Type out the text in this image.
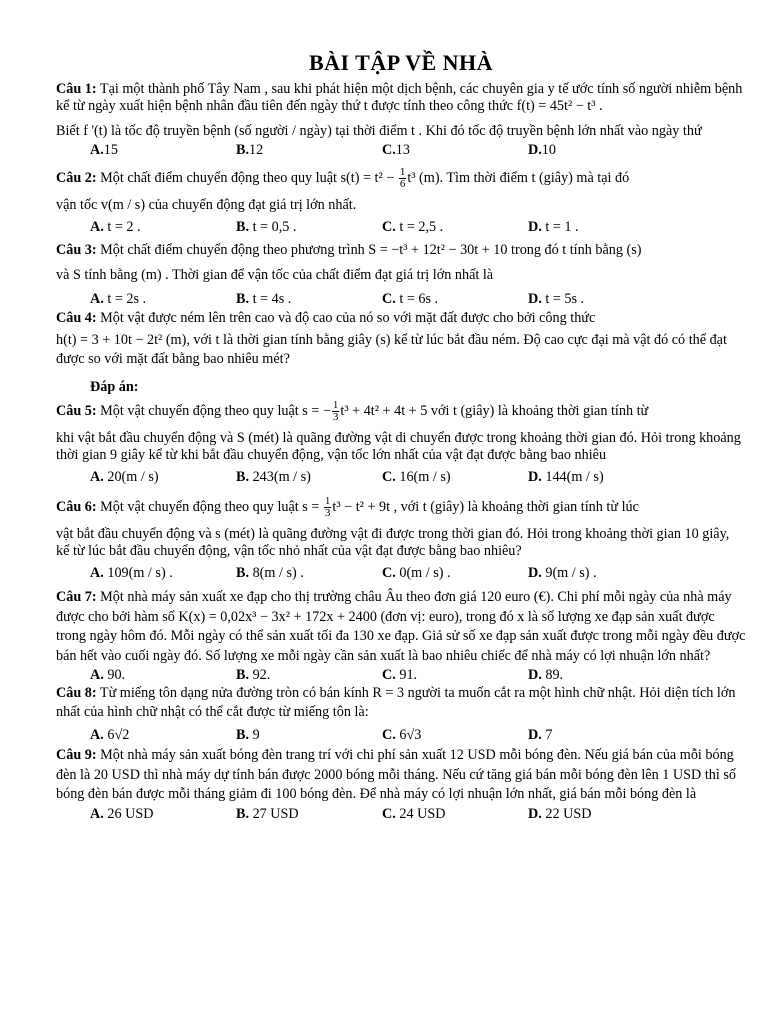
BÀI TẬP VỀ NHÀ

Câu 1: Tại một thành phố Tây Nam , sau khi phát hiện một dịch bệnh, các chuyên gia y tế ước tính số người nhiễm bệnh kể từ ngày xuất hiện bệnh nhân đầu tiên đến ngày thứ t được tính theo công thức f(t) = 45t² − t³ .

Biết f '(t) là tốc độ truyền bệnh (số người / ngày) tại thời điểm t . Khi đó tốc độ truyền bệnh lớn nhất vào ngày thứ

A.15	B.12	C.13	D.10

Câu 2: Một chất điểm chuyển động theo quy luật $s(t) = t^2 - \frac{1}{6} t^3$ (m). Tìm thời điểm t (giây) mà tại đó

vận tốc v(m / s) của chuyển động đạt giá trị lớn nhất.

A. t = 2 .	B. t = 0,5 .	C. t = 2,5 .	D. t = 1 .

Câu 3: Một chất điểm chuyển động theo phương trình S = −t³ + 12t² − 30t + 10 trong đó t tính bằng (s)

và S tính bằng (m) . Thời gian để vận tốc của chất điểm đạt giá trị lớn nhất là

A. t = 2s .	B. t = 4s .	C. t = 6s .	D. t = 5s .

Câu 4: Một vật được ném lên trên cao và độ cao của nó so với mặt đất được cho bởi công thức

h(t) = 3 + 10t − 2t² (m), với t là thời gian tính bằng giây (s) kể từ lúc bắt đầu ném. Độ cao cực đại mà vật đó có thể đạt được so với mặt đất bằng bao nhiêu mét?

Đáp án:

Câu 5: Một vật chuyển động theo quy luật s = − $\frac{1}{3} t^3 + 4t^2 + 4t + 5$ với t (giây) là khoảng thời gian tính từ

khi vật bắt đầu chuyển động và S (mét) là quãng đường vật di chuyển được trong khoảng thời gian đó. Hỏi trong khoảng thời gian 9 giây kể từ khi bắt đầu chuyển động, vận tốc lớn nhất của vật đạt được bằng bao nhiêu

A. 20(m / s)	B. 243(m / s)	C. 16(m / s)	D. 144(m / s)

Câu 6: Một vật chuyển động theo quy luật $s = \frac{1}{3} t^3 - t^2 + 9t$ , với t (giây) là khoảng thời gian tính từ lúc

vật bắt đầu chuyển động và s (mét) là quãng đường vật đi được trong thời gian đó. Hỏi trong khoảng thời gian 10 giây, kể từ lúc bắt đầu chuyển động, vận tốc nhỏ nhất của vật đạt được bằng bao nhiêu?

A. 109(m / s) .	B. 8(m / s) .	C. 0(m / s) .	D. 9(m / s) .

Câu 7: Một nhà máy sản xuất xe đạp cho thị trường châu Âu theo đơn giá 120 euro (€). Chi phí mỗi ngày của nhà máy được cho bởi hàm số K(x) = 0,02x³ − 3x² + 172x + 2400 (đơn vị: euro), trong đó x là số lượng xe đạp sản xuất được trong ngày hôm đó. Mỗi ngày có thể sản xuất tối đa 130 xe đạp. Giả sử số xe đạp sản xuất được trong mỗi ngày đều được bán hết vào cuối ngày đó. Số lượng xe mỗi ngày cần sản xuất là bao nhiêu chiếc để nhà máy có lợi nhuận lớn nhất?

A. 90.	B. 92.	C. 91.	D. 89.

Câu 8: Từ miếng tôn dạng nửa đường tròn có bán kính R = 3 người ta muốn cắt ra một hình chữ nhật. Hỏi diện tích lớn nhất của hình chữ nhật có thể cắt được từ miếng tôn là:

A. 6√2	B. 9	C. 6√3	D. 7

Câu 9: Một nhà máy sản xuất bóng đèn trang trí với chi phí sản xuất 12 USD mỗi bóng đèn. Nếu giá bán của mỗi bóng đèn là 20 USD thì nhà máy dự tính bán được 2000 bóng mỗi tháng. Nếu cứ tăng giá bán mỗi bóng đèn lên 1 USD thì số bóng đèn bán được mỗi tháng giảm đi 100 bóng đèn. Để nhà máy có lợi nhuận lớn nhất, giá bán mỗi bóng đèn là

A. 26 USD	B. 27 USD	C. 24 USD	D. 22 USD
